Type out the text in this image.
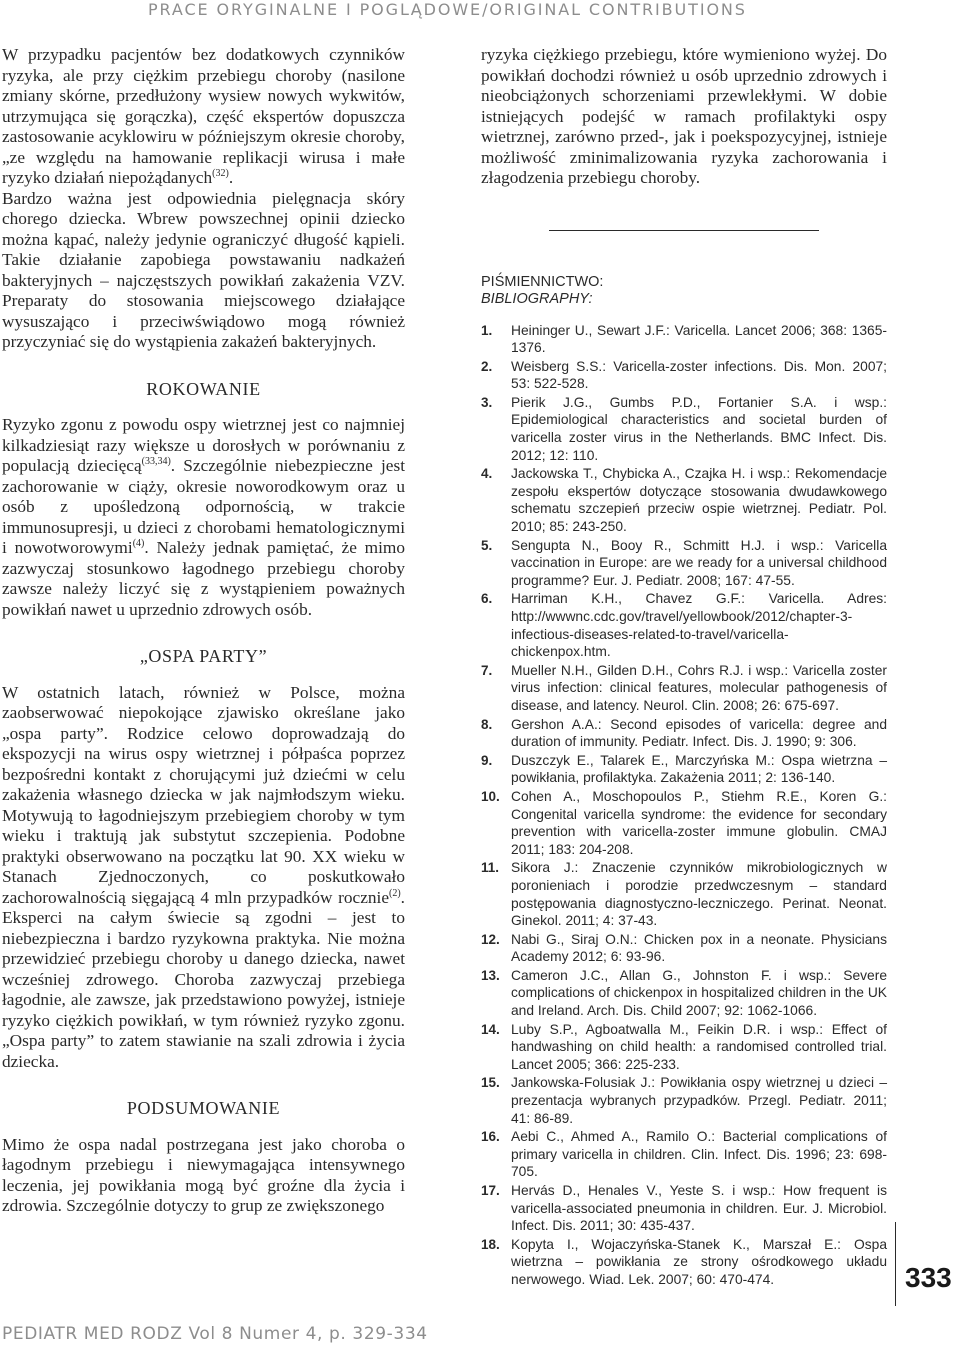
PRACE ORYGINALNE I POGLĄDOWE/ORIGINAL CONTRIBUTIONS

W przypadku pacjentów bez dodatkowych czynników ryzyka, ale przy ciężkim przebiegu choroby (nasilone zmiany skórne, przedłużony wysiew nowych wykwitów, utrzymująca się gorączka), część ekspertów dopuszcza zastosowanie acyklowiru w późniejszym okresie choroby, „ze względu na hamowanie replikacji wirusa i małe ryzyko działań niepożądanych$^{(32)}$.

Bardzo ważna jest odpowiednia pielęgnacja skóry chorego dziecka. Wbrew powszechnej opinii dziecko można kąpać, należy jedynie ograniczyć długość kąpieli. Takie działanie zapobiega powstawaniu nadkażeń bakteryjnych – najczęstszych powikłań zakażenia VZV. Preparaty do stosowania miejscowego działające wysuszająco i przeciwświądowo mogą również przyczyniać się do wystąpienia zakażeń bakteryjnych.

ROKOWANIE

Ryzyko zgonu z powodu ospy wietrznej jest co najmniej kilkadziesiąt razy większe u dorosłych w porównaniu z populacją dziecięcą$^{(33,34)}$. Szczególnie niebezpieczne jest zachorowanie w ciąży, okresie noworodkowym oraz u osób z upośledzoną odpornością, w trakcie immunosupresji, u dzieci z chorobami hematologicznymi i nowotworowymi$^{(4)}$. Należy jednak pamiętać, że mimo zazwyczaj stosunkowo łagodnego przebiegu choroby zawsze należy liczyć się z wystąpieniem poważnych powikłań nawet u uprzednio zdrowych osób.

„OSPA PARTY”

W ostatnich latach, również w Polsce, można zaobserwować niepokojące zjawisko określane jako „ospa party”. Rodzice celowo doprowadzają do ekspozycji na wirus ospy wietrznej i półpaśca poprzez bezpośredni kontakt z chorującymi już dziećmi w celu zakażenia własnego dziecka w jak najmłodszym wieku. Motywują to łagodniejszym przebiegiem choroby w tym wieku i traktują jak substytut szczepienia. Podobne praktyki obserwowano na początku lat 90. XX wieku w Stanach Zjednoczonych, co poskutkowało zachorowalnością sięgającą 4 mln przypadków rocznie$^{(2)}$. Eksperci na całym świecie są zgodni – jest to niebezpieczna i bardzo ryzykowna praktyka. Nie można przewidzieć przebiegu choroby u danego dziecka, nawet wcześniej zdrowego. Choroba zazwyczaj przebiega łagodnie, ale zawsze, jak przedstawiono powyżej, istnieje ryzyko ciężkich powikłań, w tym również ryzyko zgonu. „Ospa party” to zatem stawianie na szali zdrowia i życia dziecka.

PODSUMOWANIE

Mimo że ospa nadal postrzegana jest jako choroba o łagodnym przebiegu i niewymagająca intensywnego leczenia, jej powikłania mogą być groźne dla życia i zdrowia. Szczególnie dotyczy to grup ze zwiększonego

ryzyka ciężkiego przebiegu, które wymieniono wyżej. Do powikłań dochodzi również u osób uprzednio zdrowych i nieobciążonych schorzeniami przewlekłymi. W dobie istniejących podejść w ramach profilaktyki ospy wietrznej, zarówno przed-, jak i poekspozycyjnej, istnieje możliwość zminimalizowania ryzyka zachorowania i złagodzenia przebiegu choroby.

PIŚMIENNICTWO:
BIBLIOGRAPHY:
1.	Heininger U., Sewart J.F.: Varicella. Lancet 2006; 368: 1365-1376.
2.	Weisberg S.S.: Varicella-zoster infections. Dis. Mon. 2007; 53: 522-528.
3.	Pierik J.G., Gumbs P.D., Fortanier S.A. i wsp.: Epidemiological characteristics and societal burden of varicella zoster virus in the Netherlands. BMC Infect. Dis. 2012; 12: 110.
4.	Jackowska T., Chybicka A., Czajka H. i wsp.: Rekomendacje zespołu ekspertów dotyczące stosowania dwudawkowego schematu szczepień przeciw ospie wietrznej. Pediatr. Pol. 2010; 85: 243-250.
5.	Sengupta N., Booy R., Schmitt H.J. i wsp.: Varicella vaccination in Europe: are we ready for a universal childhood programme? Eur. J. Pediatr. 2008; 167: 47-55.
6.	Harriman K.H., Chavez G.F.: Varicella. Adres: http://wwwnc.cdc.gov/travel/yellowbook/2012/chapter-3-infectious-diseases-related-to-travel/varicella-chickenpox.htm.
7.	Mueller N.H., Gilden D.H., Cohrs R.J. i wsp.: Varicella zoster virus infection: clinical features, molecular pathogenesis of disease, and latency. Neurol. Clin. 2008; 26: 675-697.
8.	Gershon A.A.: Second episodes of varicella: degree and duration of immunity. Pediatr. Infect. Dis. J. 1990; 9: 306.
9.	Duszczyk E., Talarek E., Marczyńska M.: Ospa wietrzna – powikłania, profilaktyka. Zakażenia 2011; 2: 136-140.
10. Cohen A., Moschopoulos P., Stiehm R.E., Koren G.: Congenital varicella syndrome: the evidence for secondary prevention with varicella-zoster immune globulin. CMAJ 2011; 183: 204-208.
11. Sikora J.: Znaczenie czynników mikrobiologicznych w poronieniach i porodzie przedwczesnym – standard postępowania diagnostyczno-leczniczego. Perinat. Neonat. Ginekol. 2011; 4: 37-43.
12. Nabi G., Siraj O.N.: Chicken pox in a neonate. Physicians Academy 2012; 6: 93-96.
13. Cameron J.C., Allan G., Johnston F. i wsp.: Severe complications of chickenpox in hospitalized children in the UK and Ireland. Arch. Dis. Child 2007; 92: 1062-1066.
14. Luby S.P., Agboatwalla M., Feikin D.R. i wsp.: Effect of handwashing on child health: a randomised controlled trial. Lancet 2005; 366: 225-233.
15. Jankowska-Folusiak J.: Powikłania ospy wietrznej u dzieci – prezentacja wybranych przypadków. Przegl. Pediatr. 2011; 41: 86-89.
16. Aebi C., Ahmed A., Ramilo O.: Bacterial complications of primary varicella in children. Clin. Infect. Dis. 1996; 23: 698-705.
17. Hervás D., Henales V., Yeste S. i wsp.: How frequent is varicella-associated pneumonia in children. Eur. J. Microbiol. Infect. Dis. 2011; 30: 435-437.
18. Kopyta I., Wojaczyńska-Stanek K., Marszał E.: Ospa wietrzna – powikłania ze strony ośrodkowego układu nerwowego. Wiad. Lek. 2007; 60: 470-474.	333
PEDIATR MED RODZ Vol 8 Numer 4, p. 329-334
